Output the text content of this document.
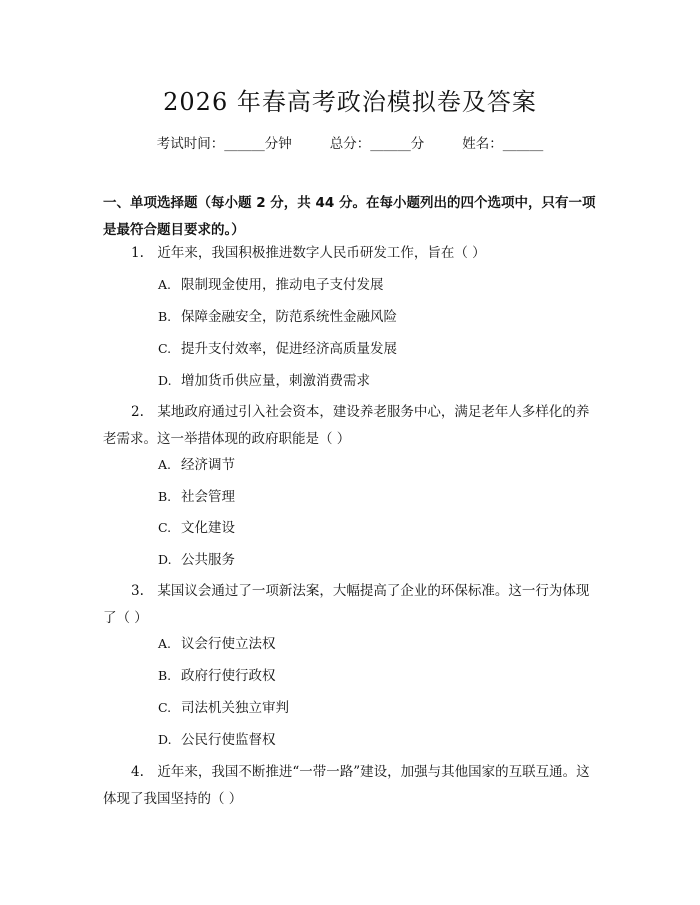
2026 年春高考政治模拟卷及答案
考试时间：______分钟	总分：______分	姓名：______
一、单项选择题（每小题 2 分，共 44 分。在每小题列出的四个选项中，只有一项是最符合题目要求的。）
1.　近年来，我国积极推进数字人民币研发工作，旨在（ ）
A. 限制现金使用，推动电子支付发展
B. 保障金融安全，防范系统性金融风险
C. 提升支付效率，促进经济高质量发展
D. 增加货币供应量，刺激消费需求
2.　某地政府通过引入社会资本，建设养老服务中心，满足老年人多样化的养老需求。这一举措体现的政府职能是（ ）
A. 经济调节
B. 社会管理
C. 文化建设
D. 公共服务
3.　某国议会通过了一项新法案，大幅提高了企业的环保标准。这一行为体现了（ ）
A. 议会行使立法权
B. 政府行使行政权
C. 司法机关独立审判
D. 公民行使监督权
4.　近年来，我国不断推进“一带一路”建设，加强与其他国家的互联互通。这体现了我国坚持的（ ）
